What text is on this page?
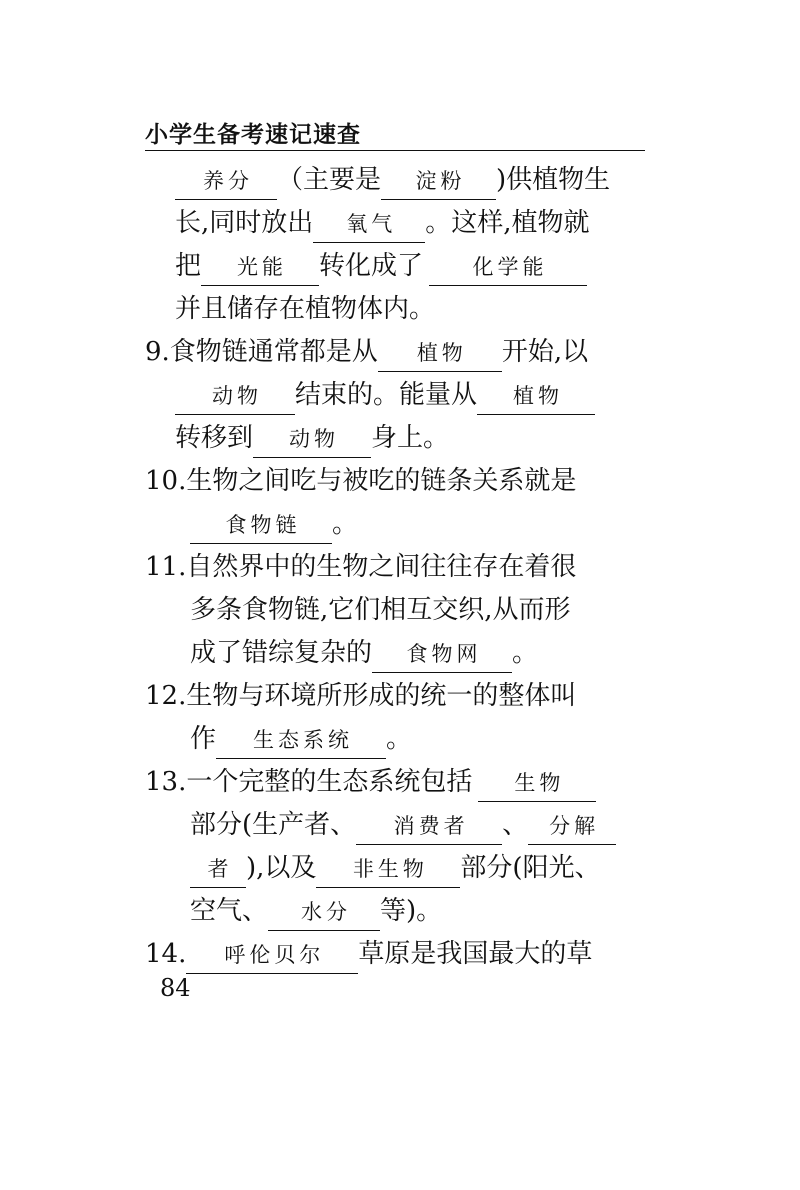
小学生备考速记速查
养分 （主要是 淀粉 )供植物生
长,同时放出 氧气 。这样,植物就
把 光能 转化成了 化学能
并且储存在植物体内。
9.食物链通常都是从 植物 开始,以
动物 结束的。能量从 植物
转移到 动物 身上。
10.生物之间吃与被吃的链条关系就是
食物链 。
11.自然界中的生物之间往往存在着很
多条食物链,它们相互交织,从而形
成了错综复杂的 食物网 。
12.生物与环境所形成的统一的整体叫
作 生态系统 。
13.一个完整的生态系统包括 生物
部分(生产者、 消费者 、 分解
者 ),以及 非生物 部分(阳光、
空气、 水分 等)。
14. 呼伦贝尔 草原是我国最大的草
84
